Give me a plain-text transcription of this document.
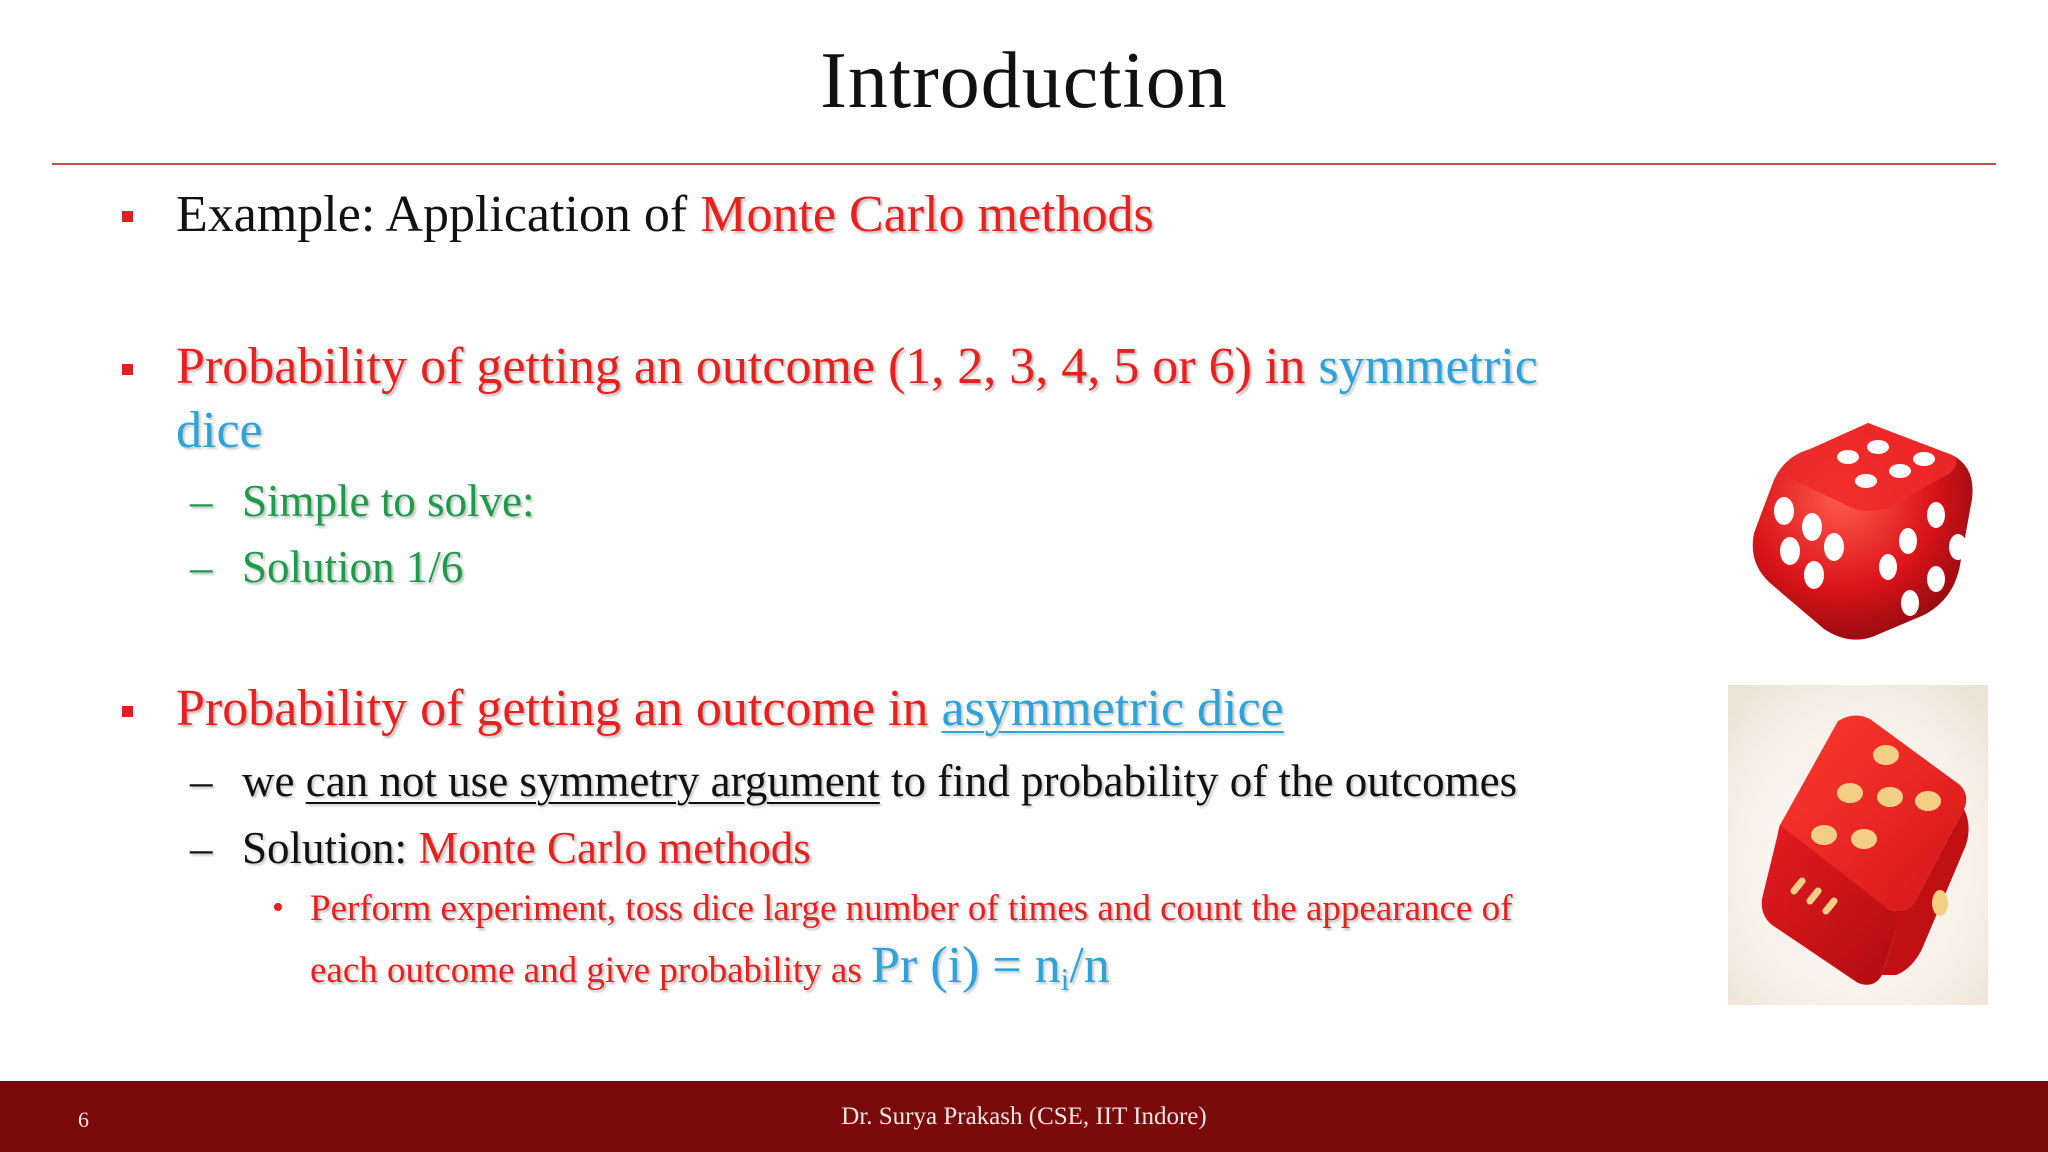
Introduction
Example: Application of Monte Carlo methods
Probability of getting an outcome (1, 2, 3, 4, 5 or 6) in symmetric
dice
– Simple to solve:
– Solution 1/6
Probability of getting an outcome in asymmetric dice
– we can not use symmetry argument to find probability of the outcomes
– Solution: Monte Carlo methods
• Perform experiment, toss dice large number of times and count the appearance of
each outcome and give probability as Pr $(i) = n_i/n$
6	Dr. Surya Prakash (CSE, IIT Indore)
